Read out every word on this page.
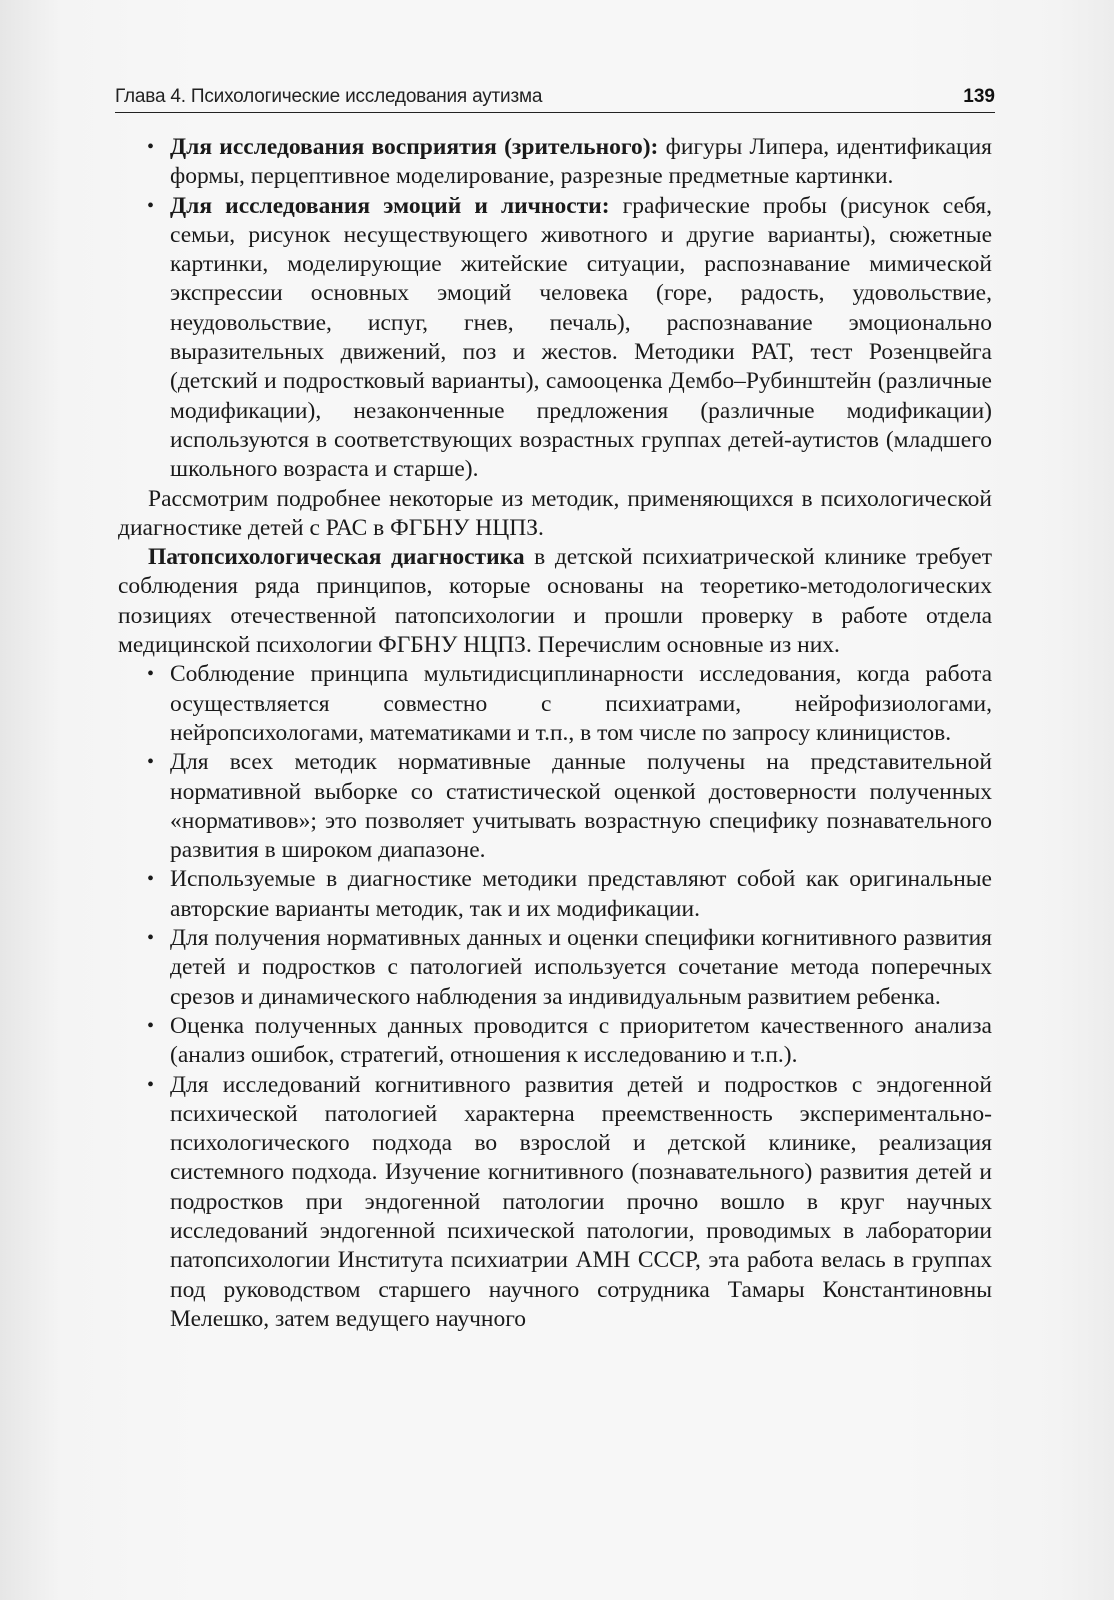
Глава 4. Психологические исследования аутизма	139
• Для исследования восприятия (зрительного): фигуры Липера, идентификация формы, перцептивное моделирование, разрезные предметные картинки.
• Для исследования эмоций и личности: графические пробы (рисунок себя, семьи, рисунок несуществующего животного и другие варианты), сюжетные картинки, моделирующие житейские ситуации, распознавание мимической экспрессии основных эмоций человека (горе, радость, удовольствие, неудовольствие, испуг, гнев, печаль), распознавание эмоционально выразительных движений, поз и жестов. Методики РАТ, тест Розенцвейга (детский и подростковый варианты), самооценка Дембо–Рубинштейн (различные модификации), незаконченные предложения (различные модификации) используются в соответствующих возрастных группах детей-аутистов (младшего школьного возраста и старше).

Рассмотрим подробнее некоторые из методик, применяющихся в психологической диагностике детей с РАС в ФГБНУ НЦПЗ.

Патопсихологическая диагностика в детской психиатрической клинике требует соблюдения ряда принципов, которые основаны на теоретико-методологических позициях отечественной патопсихологии и прошли проверку в работе отдела медицинской психологии ФГБНУ НЦПЗ. Перечислим основные из них.

• Соблюдение принципа мультидисциплинарности исследования, когда работа осуществляется совместно с психиатрами, нейрофизиологами, нейропсихологами, математиками и т.п., в том числе по запросу клиницистов.
• Для всех методик нормативные данные получены на представительной нормативной выборке со статистической оценкой достоверности полученных «нормативов»; это позволяет учитывать возрастную специфику познавательного развития в широком диапазоне.
• Используемые в диагностике методики представляют собой как оригинальные авторские варианты методик, так и их модификации.
• Для получения нормативных данных и оценки специфики когнитивного развития детей и подростков с патологией используется сочетание метода поперечных срезов и динамического наблюдения за индивидуальным развитием ребенка.
• Оценка полученных данных проводится с приоритетом качественного анализа (анализ ошибок, стратегий, отношения к исследованию и т.п.).
• Для исследований когнитивного развития детей и подростков с эндогенной психической патологией характерна преемственность экспериментально-психологического подхода во взрослой и детской клинике, реализация системного подхода. Изучение когнитивного (познавательного) развития детей и подростков при эндогенной патологии прочно вошло в круг научных исследований эндогенной психической патологии, проводимых в лаборатории патопсихологии Института психиатрии АМН СССР, эта работа велась в группах под руководством старшего научного сотрудника Тамары Константиновны Мелешко, затем ведущего научного
